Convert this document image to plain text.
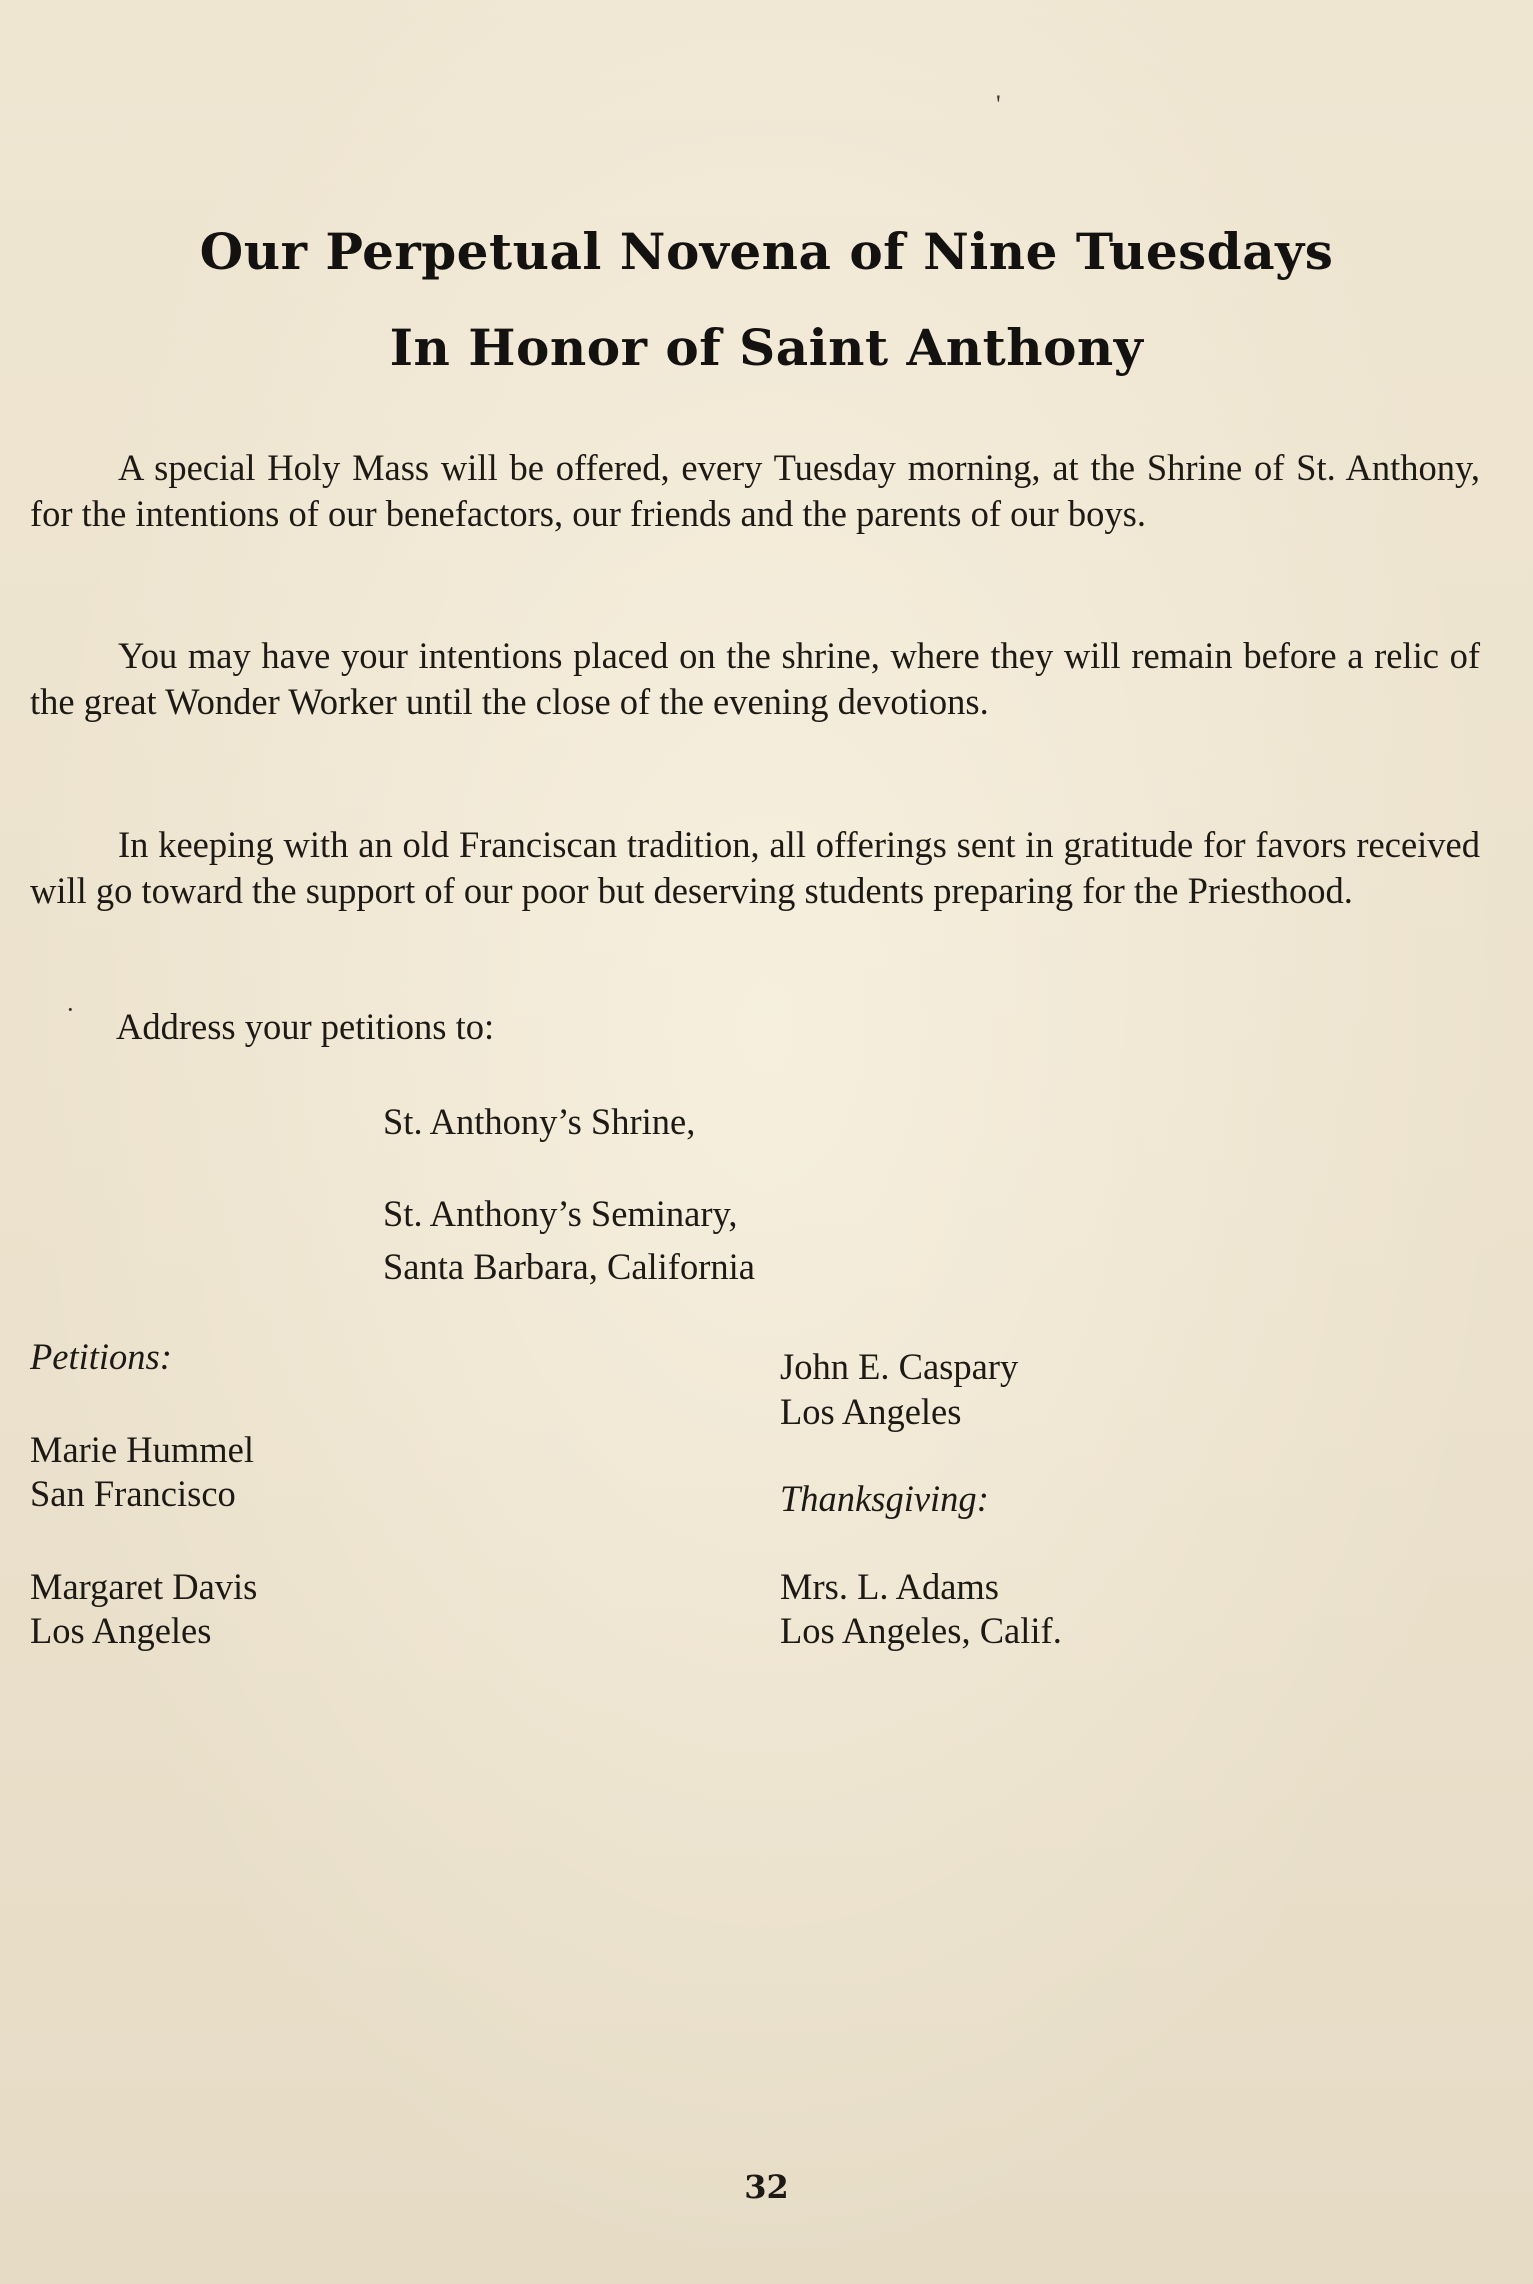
Our Perpetual Novena of Nine Tuesdays
In Honor of Saint Anthony

A special Holy Mass will be offered, every Tuesday morning, at the Shrine of St. Anthony, for the intentions of our benefactors, our friends and the parents of our boys.

You may have your intentions placed on the shrine, where they will remain before a relic of the great Wonder Worker until the close of the evening devotions.

In keeping with an old Franciscan tradition, all offerings sent in gratitude for favors received will go toward the support of our poor but deserving students preparing for the Priesthood.

Address your petitions to:

St. Anthony’s Shrine,

St. Anthony’s Seminary,

Santa Barbara, California

Petitions:
Marie Hummel
San Francisco
Margaret Davis
Los Angeles
John E. Caspary
Los Angeles
Thanksgiving:
Mrs. L. Adams
Los Angeles, Calif.
32
'
·
